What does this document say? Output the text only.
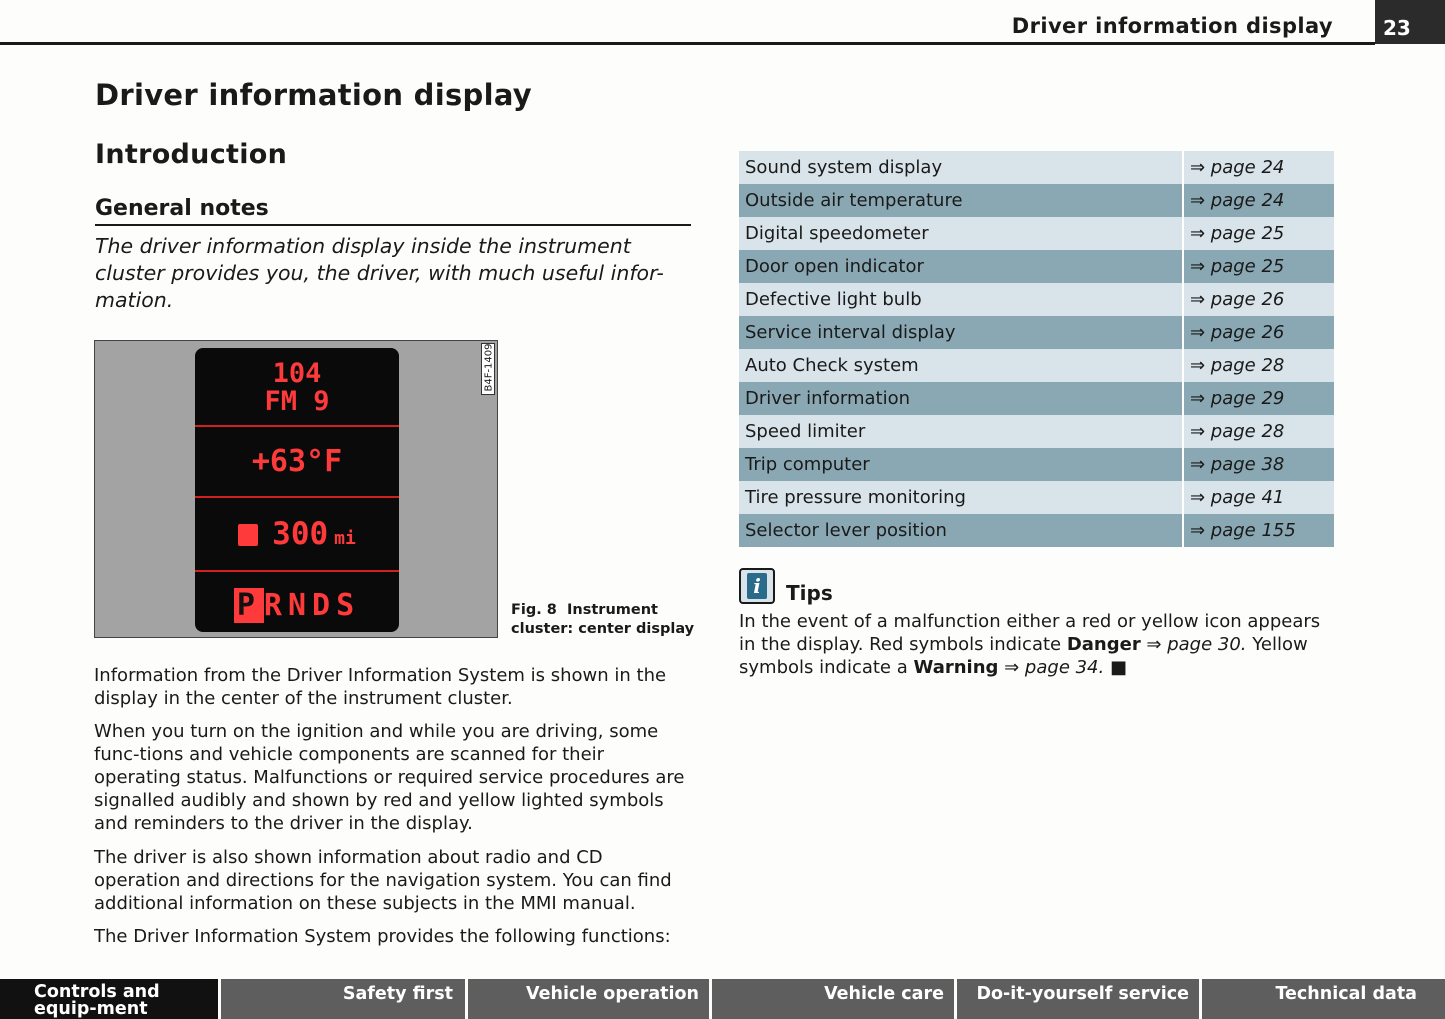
Driver information display	23
Driver information display
Introduction
General notes

The driver information display inside the instrument cluster provides you, the driver, with much useful infor-mation.

104
FM 9
+63°F
300 mi
P RNDS
B4F-1409
Fig. 8 Instrument cluster: center display

Information from the Driver Information System is shown in the display in the center of the instrument cluster.

When you turn on the ignition and while you are driving, some func-tions and vehicle components are scanned for their operating status. Malfunctions or required service procedures are signalled audibly and shown by red and yellow lighted symbols and reminders to the driver in the display.

The driver is also shown information about radio and CD operation and directions for the navigation system. You can find additional information on these subjects in the MMI manual.

The Driver Information System provides the following functions:

Sound system display	⇒ page 24
Outside air temperature	⇒ page 24
Digital speedometer	⇒ page 25
Door open indicator	⇒ page 25
Defective light bulb	⇒ page 26
Service interval display	⇒ page 26
Auto Check system	⇒ page 28
Driver information	⇒ page 29
Speed limiter	⇒ page 28
Trip computer	⇒ page 38
Tire pressure monitoring	⇒ page 41
Selector lever position	⇒ page 155
i	Tips

In the event of a malfunction either a red or yellow icon appears in the display. Red symbols indicate Danger ⇒ page 30. Yellow symbols indicate a Warning ⇒ page 34. ■

Controls and equip-ment
Safety first	Vehicle operation	Vehicle care	Do-it-yourself service	Technical data
